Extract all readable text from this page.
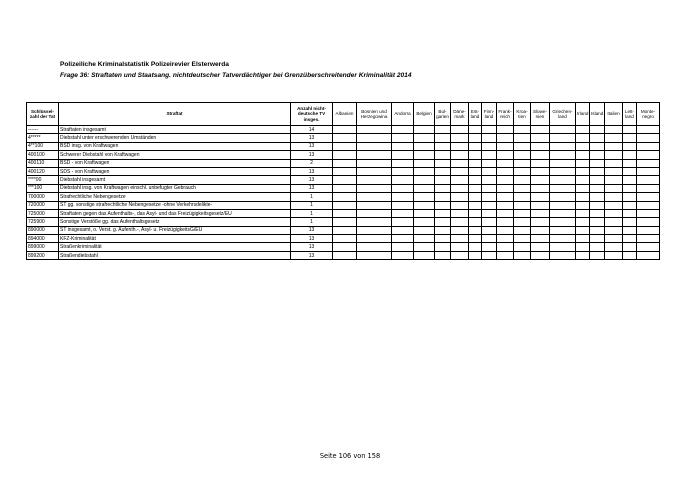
Polizeiliche Kriminalstatistik Polizeirevier Elsterwerda
Frage 36: Straftaten und Staatsang. nichtdeutscher Tatverdächtiger bei Grenzüberschreitender Kriminalität 2014
Schlüssel-zahl der Tat	Straftat	Anzahl nicht-deutsche TV insges.	Albanien	Bosnien und Herzegowina	Andorra	Belgien	Bul-garien	Däne-mark	Est-land	Finn-land	Frank-reich	Kroa-tien	Slowe-nien	Griechen-land	Irland	Island	Italien	Lett-land	Monte-negro
------	Straftaten insgesamt	14																	
4*****	Diebstahl unter erschwerenden Umständen	13																	
4**100	BSD insg. von Kraftwagen	13																	
400100	Schwerer Diebstahl von Kraftwagen	13																	
400110	BSD - von Kraftwagen	2																	
400120	SDS - von Kraftwagen	13																	
****00	Diebstahl insgesamt	13																	
***100	Diebstahl insg. von Kraftwagen einschl. unbefugter Gebrauch	13																	
700000	Strafrechtliche Nebengesetze	1																	
720000	ST gg. sonstige strafrechtliche Nebengesetze -ohne Verkehrsdelikte-	1																	
725000	Straftaten gegen das Aufenthalts-, das Asyl- und das Freizügigkeitsgesetz/EU	1																	
725900	Sonstige Verstöße gg. das Aufenthaltsgesetz	1																	
890000	ST insgesamt, o. Verst. g. Aufenth.-, Asyl- u. FreizügigkeitsG/EU	13																	
894000	KFZ-Kriminalität	13																	
899000	Straßenkriminalität	13																	
899200	Straßendiebstahl	13																	
Seite 106 von 158
